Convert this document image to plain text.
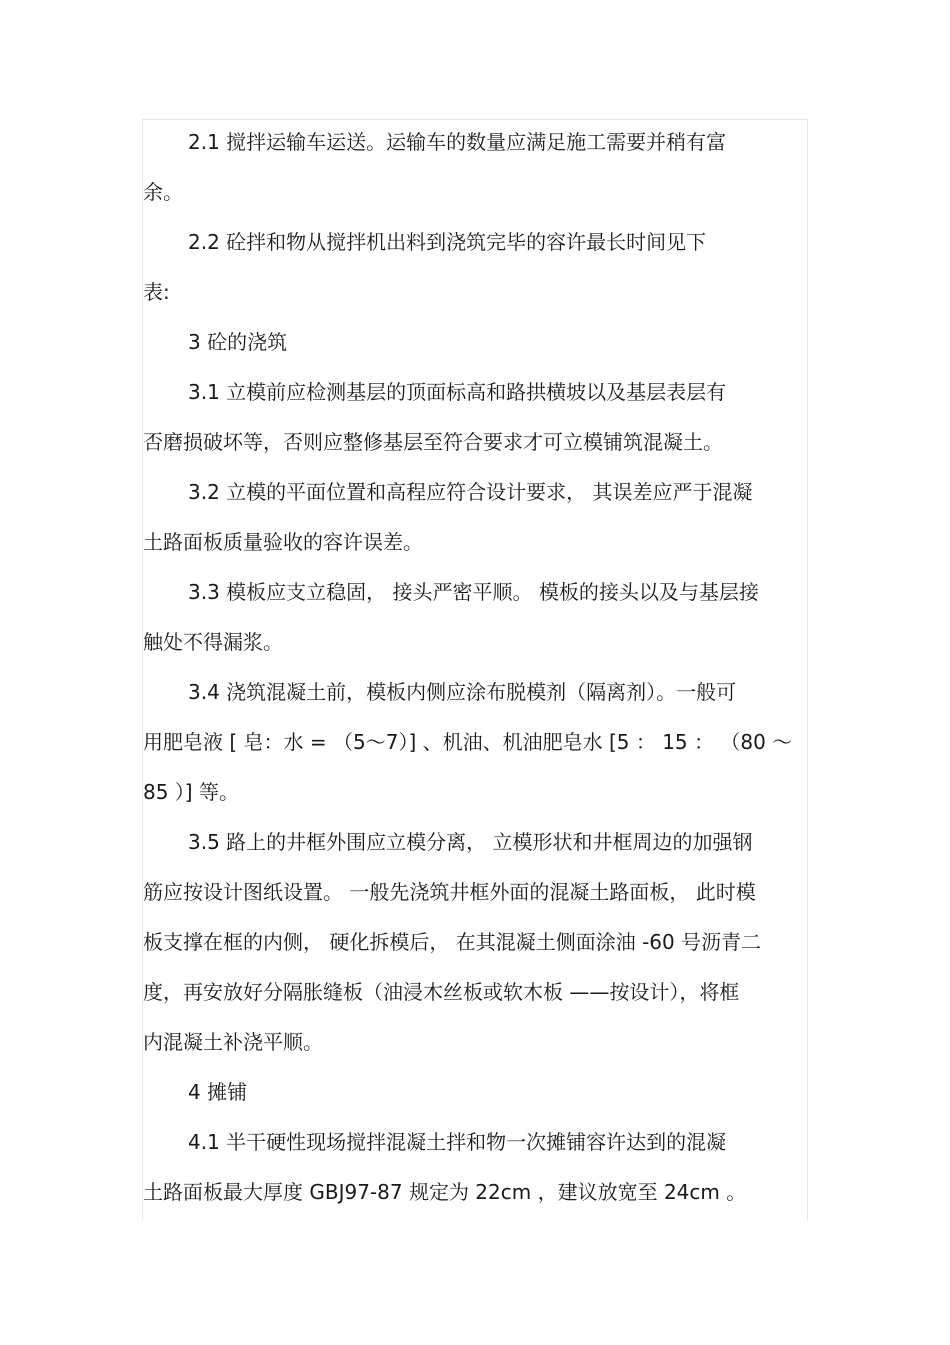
2.1 搅拌运输车运送。运输车的数量应满足施工需要并稍有富
余。
2.2 砼拌和物从搅拌机出料到浇筑完毕的容许最长时间见下
表:
3 砼的浇筑
3.1 立模前应检测基层的顶面标高和路拱横坡以及基层表层有
否磨损破坏等，否则应整修基层至符合要求才可立模铺筑混凝土。
3.2 立模的平面位置和高程应符合设计要求， 其误差应严于混凝
土路面板质量验收的容许误差。
3.3 模板应支立稳固， 接头严密平顺。 模板的接头以及与基层接
触处不得漏浆。
3.4 浇筑混凝土前，模板内侧应涂布脱模剂（隔离剂）。一般可
用肥皂液 [ 皂：水 = （5～7）] 、机油、机油肥皂水 [5 ： 15 ： （80 ～
85 ）] 等。
3.5 路上的井框外围应立模分离， 立模形状和井框周边的加强钢
筋应按设计图纸设置。 一般先浇筑井框外面的混凝土路面板， 此时模
板支撑在框的内侧， 硬化拆模后， 在其混凝土侧面涂油 -60 号沥青二
度，再安放好分隔胀缝板（油浸木丝板或软木板 ——按设计），将框
内混凝土补浇平顺。
4 摊铺
4.1 半干硬性现场搅拌混凝土拌和物一次摊铺容许达到的混凝
土路面板最大厚度 GBJ97-87 规定为 22cm ，建议放宽至 24cm 。
